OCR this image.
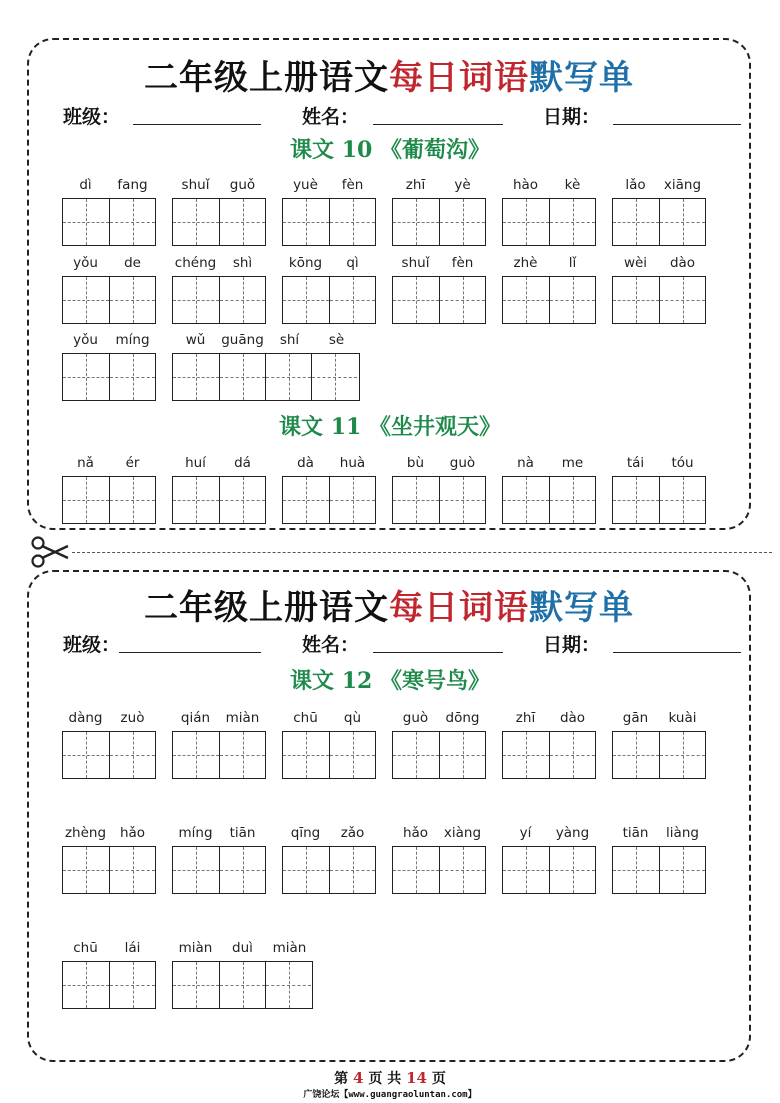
二年级上册语文每日词语默写单
班级：	姓名：	日期：
二年级上册语文每日词语默写单
班级：	姓名：	日期：
课文 10 《葡萄沟》
dì	fang	shuǐ	guǒ	yuè	fèn	zhī	yè	hào	kè	lǎo	xiāng
yǒu	de	chéng	shì	kōng	qì	shuǐ	fèn	zhè	lǐ	wèi	dào
yǒu	míng	wǔ	guāng	shí	sè
课文 11 《坐井观天》
nǎ	ér	huí	dá	dà	huà	bù	guò	nà	me	tái	tóu
课文 12 《寒号鸟》
dàng	zuò	qián	miàn	chū	qù	guò	dōng	zhī	dào	gān	kuài
zhèng	hǎo	míng	tiān	qīng	zǎo	hǎo	xiàng	yí	yàng	tiān	liàng
chū	lái	miàn	duì	miàn
第 4 页 共 14 页
广饶论坛【www.guangraoluntan.com】
